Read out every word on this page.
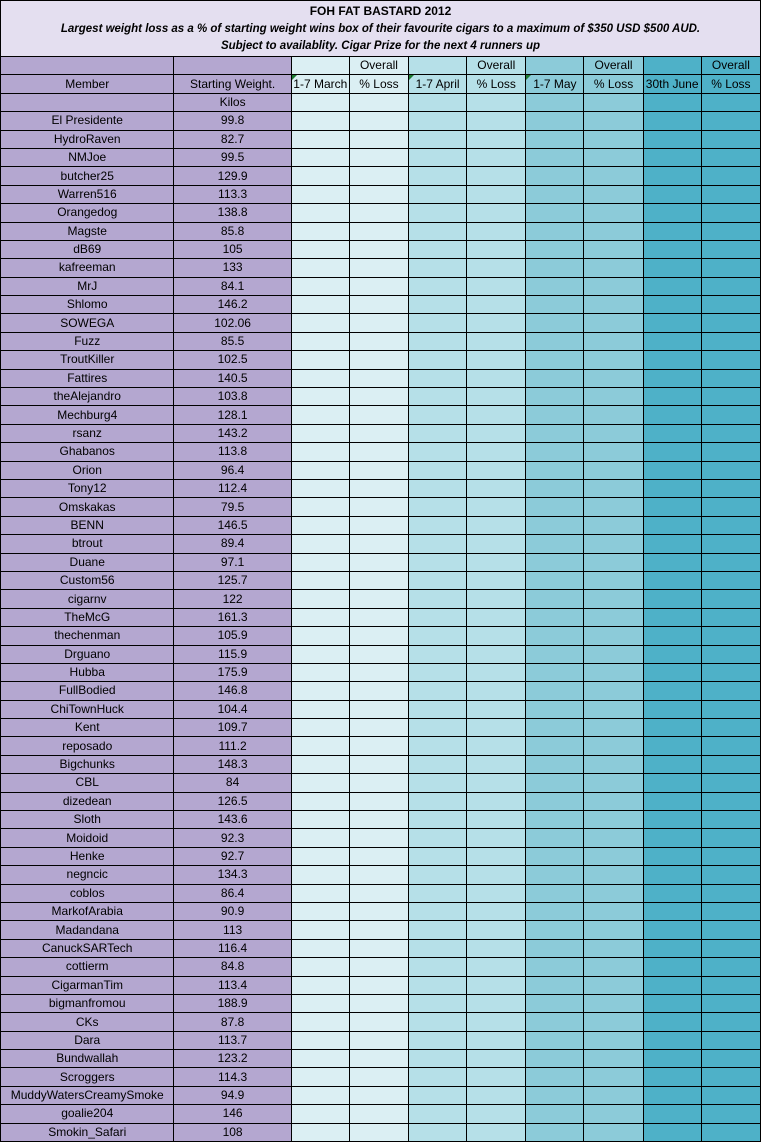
FOH FAT BASTARD 2012
Largest weight loss as a % of starting weight wins box of their favourite cigars to a maximum of $350 USD $500 AUD.
Subject to availablity. Cigar Prize for the next 4 runners up
			Overall		Overall		Overall		Overall
Member	Starting Weight.	1-7 March	% Loss	1-7 April	% Loss	1-7 May	% Loss	30th June	% Loss
	Kilos								
El Presidente	99.8								
HydroRaven	82.7								
NMJoe	99.5								
butcher25	129.9								
Warren516	113.3								
Orangedog	138.8								
Magste	85.8								
dB69	105								
kafreeman	133								
MrJ	84.1								
Shlomo	146.2								
SOWEGA	102.06								
Fuzz	85.5								
TroutKiller	102.5								
Fattires	140.5								
theAlejandro	103.8								
Mechburg4	128.1								
rsanz	143.2								
Ghabanos	113.8								
Orion	96.4								
Tony12	112.4								
Omskakas	79.5								
BENN	146.5								
btrout	89.4								
Duane	97.1								
Custom56	125.7								
cigarnv	122								
TheMcG	161.3								
thechenman	105.9								
Drguano	115.9								
Hubba	175.9								
FullBodied	146.8								
ChiTownHuck	104.4								
Kent	109.7								
reposado	111.2								
Bigchunks	148.3								
CBL	84								
dizedean	126.5								
Sloth	143.6								
Moidoid	92.3								
Henke	92.7								
negncic	134.3								
coblos	86.4								
MarkofArabia	90.9								
Madandana	113								
CanuckSARTech	116.4								
cottierm	84.8								
CigarmanTim	113.4								
bigmanfromou	188.9								
CKs	87.8								
Dara	113.7								
Bundwallah	123.2								
Scroggers	114.3								
MuddyWatersCreamySmoke	94.9								
goalie204	146								
Smokin_Safari	108								
